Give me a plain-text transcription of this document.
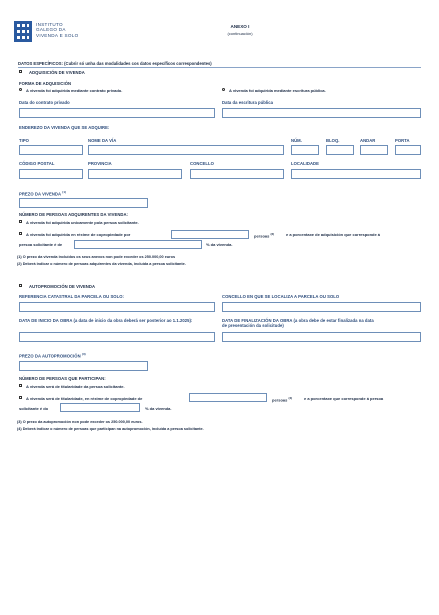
INSTITUTO
GALEGO DA
VIVENDA E SOLO
ANEXO I
(continuación)
DATOS ESPECÍFICOS: (Cubrir só unha das modalidades cos datos específicos correspondentes)
ADQUISICIÓN DE VIVENDA
FORMA DE ADQUISICIÓN
A vivenda foi adquirida mediante contrato privado.	A vivenda foi adquirida mediante escritura pública.
Data do contrato privado	Data da escritura pública
ENDEREZO DA VIVENDA QUE SE ADQUIRE:
TIPO	NOME DA VÍA	NÚM.	BLOQ.	ANDAR	PORTA
CÓDIGO POSTAL	PROVINCIA	CONCELLO	LOCALIDADE
PREZO DA VIVENDA $^{(1)}$
NÚMERO DE PERSOAS ADQUIRENTES DA VIVENDA:
A vivenda foi adquirida unicamente pola persoa solicitante.
A vivenda foi adquirida en réxime de copropiedade por	persoas $^{(2)}$	e a porcentaxe de adquisición que corresponde á
persoa solicitante é de	% da vivenda.
(1) O prezo da vivenda incluídos os seus anexos non pode exceder os 250.000,00 euros
(2) Deberá indicar o número de persoas adquirentes da vivenda, incluída a persoa solicitante.
AUTOPROMOCIÓN DE VIVENDA
REFERENCIA CATASTRAL DA PARCELA OU SOLO:	CONCELLO EN QUE SE LOCALIZA A PARCELA OU SOLO
DATA DE INICIO DA OBRA (a data de inicio da obra deberá ser posterior ao 1.1.2025):	DATA DE FINALIZACIÓN DA OBRA (a obra debe de estar finalizada na data
de presentación da solicitude)
PREZO DA AUTOPROMOCIÓN $^{(3)}$
NÚMERO DE PERSOAS QUE PARTICIPAN:
A vivenda será de titularidade da persoa solicitante.
A vivenda será de titularidade, en réxime de copropiedade de	persoas $^{(4)}$	e a porcentaxe que corresponde á persoa
solicitante é do	% da vivenda.
(3) O prezo da autopromoción non pode exceder os 250.000,00 euros.
(4) Deberá indicar o número de persoas que participan na autopromoción, incluída a persoa solicitante.
